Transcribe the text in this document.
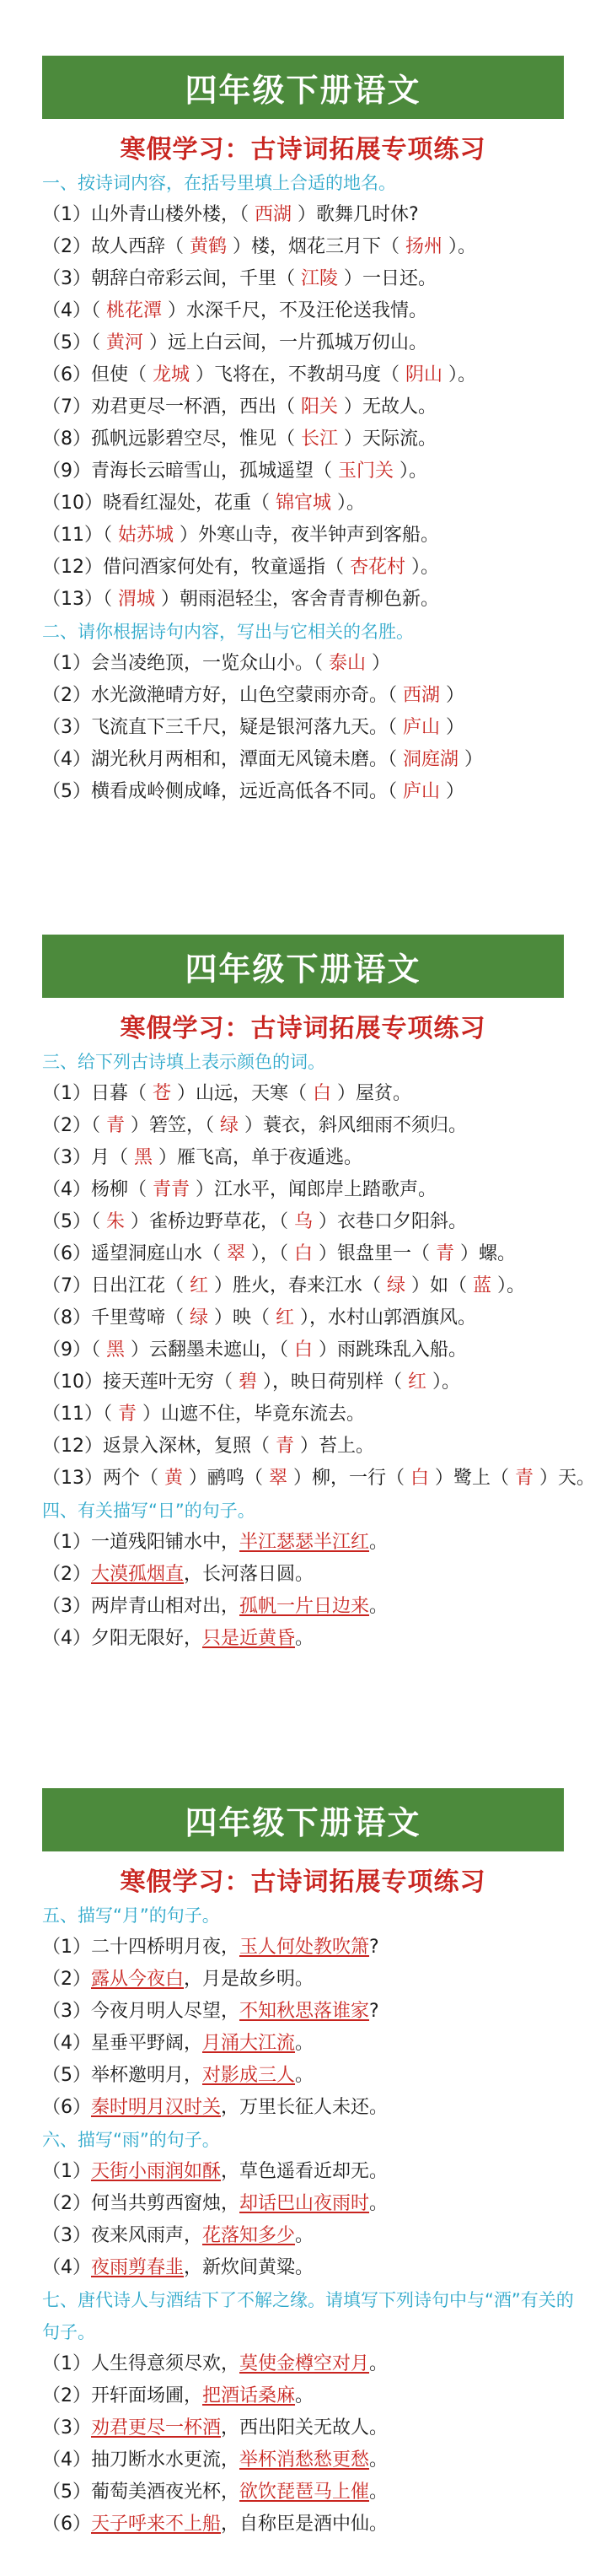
四年级下册语文
寒假学习：古诗词拓展专项练习
一、按诗词内容，在括号里填上合适的地名。
（1）山外青山楼外楼，（ 西湖 ）歌舞几时休?
（2）故人西辞（ 黄鹤 ）楼，烟花三月下（ 扬州 ）。
（3）朝辞白帝彩云间，千里（ 江陵 ）一日还。
（4）（ 桃花潭 ）水深千尺，不及汪伦送我情。
（5）（ 黄河 ）远上白云间，一片孤城万仞山。
（6）但使（ 龙城 ）飞将在，不教胡马度（ 阴山 ）。
（7）劝君更尽一杯酒，西出（ 阳关 ）无故人。
（8）孤帆远影碧空尽，惟见（ 长江 ）天际流。
（9）青海长云暗雪山，孤城遥望（ 玉门关 ）。
（10）晓看红湿处，花重（ 锦官城 ）。
（11）（ 姑苏城 ）外寒山寺，夜半钟声到客船。
（12）借问酒家何处有，牧童遥指（ 杏花村 ）。
（13）（ 渭城 ）朝雨浥轻尘，客舍青青柳色新。
二、请你根据诗句内容，写出与它相关的名胜。
（1）会当凌绝顶，一览众山小。（ 泰山 ）
（2）水光潋滟晴方好，山色空蒙雨亦奇。（ 西湖 ）
（3）飞流直下三千尺，疑是银河落九天。（ 庐山 ）
（4）湖光秋月两相和，潭面无风镜未磨。（ 洞庭湖 ）
（5）横看成岭侧成峰，远近高低各不同。（ 庐山 ）
四年级下册语文
寒假学习：古诗词拓展专项练习
三、给下列古诗填上表示颜色的词。
（1）日暮（ 苍 ）山远，天寒（ 白 ）屋贫。
（2）（ 青 ）箬笠，（ 绿 ）蓑衣，斜风细雨不须归。
（3）月（ 黑 ）雁飞高，单于夜遁逃。
（4）杨柳（ 青青 ）江水平，闻郎岸上踏歌声。
（5）（ 朱 ）雀桥边野草花，（ 乌 ）衣巷口夕阳斜。
（6）遥望洞庭山水（ 翠 ），（ 白 ）银盘里一（ 青 ）螺。
（7）日出江花（ 红 ）胜火，春来江水（ 绿 ）如（ 蓝 ）。
（8）千里莺啼（ 绿 ）映（ 红 ），水村山郭酒旗风。
（9）（ 黑 ）云翻墨未遮山，（ 白 ）雨跳珠乱入船。
（10）接天莲叶无穷（ 碧 ），映日荷别样（ 红 ）。
（11）（ 青 ）山遮不住，毕竟东流去。
（12）返景入深林，复照（ 青 ）苔上。
（13）两个（ 黄 ）鹂鸣（ 翠 ）柳，一行（ 白 ）鹭上（ 青 ）天。
四、有关描写“日”的句子。
（1）一道残阳铺水中，半江瑟瑟半江红。
（2）大漠孤烟直，长河落日圆。
（3）两岸青山相对出，孤帆一片日边来。
（4）夕阳无限好，只是近黄昏。
四年级下册语文
寒假学习：古诗词拓展专项练习
五、描写“月”的句子。
（1）二十四桥明月夜，玉人何处教吹箫?
（2）露从今夜白，月是故乡明。
（3）今夜月明人尽望，不知秋思落谁家?
（4）星垂平野阔，月涌大江流。
（5）举杯邀明月，对影成三人。
（6）秦时明月汉时关，万里长征人未还。
六、描写“雨”的句子。
（1）天街小雨润如酥，草色遥看近却无。
（2）何当共剪西窗烛，却话巴山夜雨时。
（3）夜来风雨声，花落知多少。
（4）夜雨剪春韭，新炊间黄粱。
七、唐代诗人与酒结下了不解之缘。请填写下列诗句中与“酒”有关的句子。
（1）人生得意须尽欢，莫使金樽空对月。
（2）开轩面场圃，把酒话桑麻。
（3）劝君更尽一杯酒，西出阳关无故人。
（4）抽刀断水水更流，举杯消愁愁更愁。
（5）葡萄美酒夜光杯，欲饮琵琶马上催。
（6）天子呼来不上船，自称臣是酒中仙。
